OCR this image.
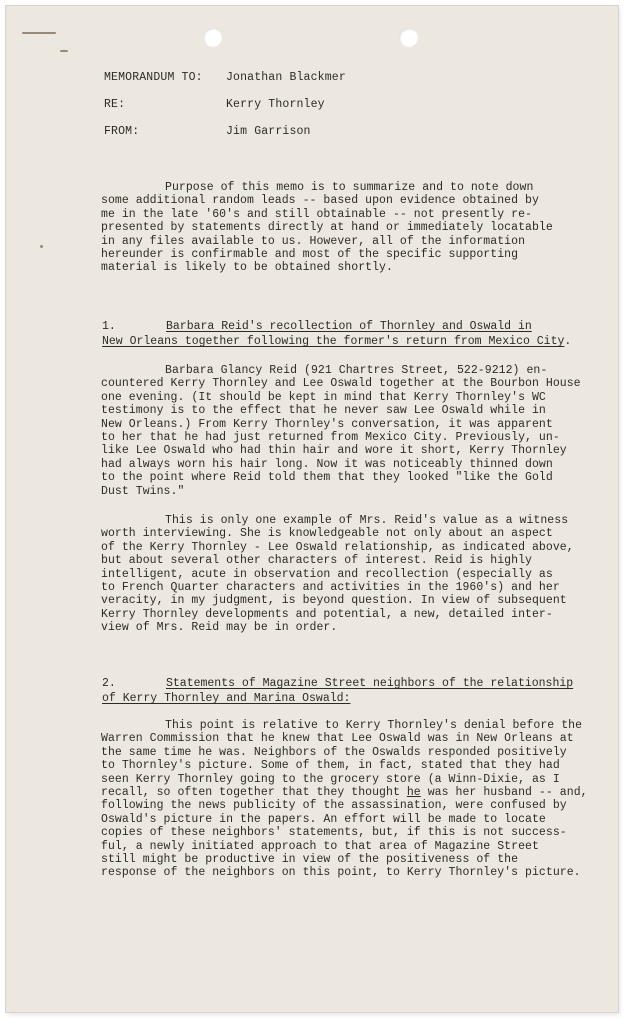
MEMORANDUM TO: Jonathan Blackmer
RE:	Kerry Thornley
FROM:	Jim Garrison
Purpose of this memo is to summarize and to note down
some additional random leads -- based upon evidence obtained by
me in the late '60's and still obtainable -- not presently re-
presented by statements directly at hand or immediately locatable
in any files available to us. However, all of the information
hereunder is confirmable and most of the specific supporting
material is likely to be obtained shortly.
1.	Barbara Reid's recollection of Thornley and Oswald in
New Orleans together following the former's return from Mexico City.
Barbara Glancy Reid (921 Chartres Street, 522-9212) en-
countered Kerry Thornley and Lee Oswald together at the Bourbon House
one evening. (It should be kept in mind that Kerry Thornley's WC
testimony is to the effect that he never saw Lee Oswald while in
New Orleans.) From Kerry Thornley's conversation, it was apparent
to her that he had just returned from Mexico City. Previously, un-
like Lee Oswald who had thin hair and wore it short, Kerry Thornley
had always worn his hair long. Now it was noticeably thinned down
to the point where Reid told them that they looked "like the Gold
Dust Twins."
This is only one example of Mrs. Reid's value as a witness
worth interviewing. She is knowledgeable not only about an aspect
of the Kerry Thornley - Lee Oswald relationship, as indicated above,
but about several other characters of interest. Reid is highly
intelligent, acute in observation and recollection (especially as
to French Quarter characters and activities in the 1960's) and her
veracity, in my judgment, is beyond question. In view of subsequent
Kerry Thornley developments and potential, a new, detailed inter-
view of Mrs. Reid may be in order.
2.	Statements of Magazine Street neighbors of the relationship
of Kerry Thornley and Marina Oswald:
This point is relative to Kerry Thornley's denial before the
Warren Commission that he knew that Lee Oswald was in New Orleans at
the same time he was. Neighbors of the Oswalds responded positively
to Thornley's picture. Some of them, in fact, stated that they had
seen Kerry Thornley going to the grocery store (a Winn-Dixie, as I
recall, so often together that they thought he was her husband -- and,
following the news publicity of the assassination, were confused by
Oswald's picture in the papers. An effort will be made to locate
copies of these neighbors' statements, but, if this is not success-
ful, a newly initiated approach to that area of Magazine Street
still might be productive in view of the positiveness of the
response of the neighbors on this point, to Kerry Thornley's picture.
